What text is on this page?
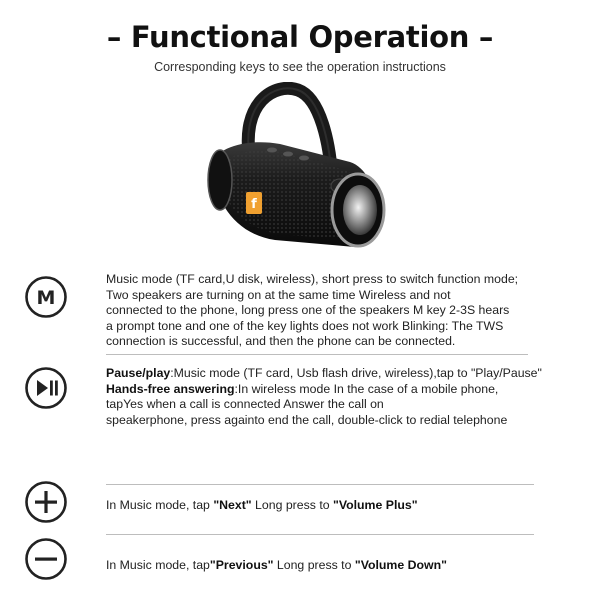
– Functional Operation –
Corresponding keys to see the operation instructions
f
M

Music mode (TF card,U disk, wireless), short press to switch function mode;

Two speakers are turning on at the same time Wireless and not

connected to the phone, long press one of the speakers M key 2-3S hears

a prompt tone and one of the key lights does not work Blinking: The TWS

connection is successful, and then the phone can be connected.

Pause/play:Music mode (TF card, Usb flash drive, wireless),tap to "Play/Pause"

Hands-free answering:In wireless mode In the case of a mobile phone,

tapYes when a call is connected Answer the call on

speakerphone, press againto end the call, double-click to redial telephone

In Music mode, tap "Next" Long press to "Volume Plus"

In Music mode, tap"Previous" Long press to "Volume Down"
